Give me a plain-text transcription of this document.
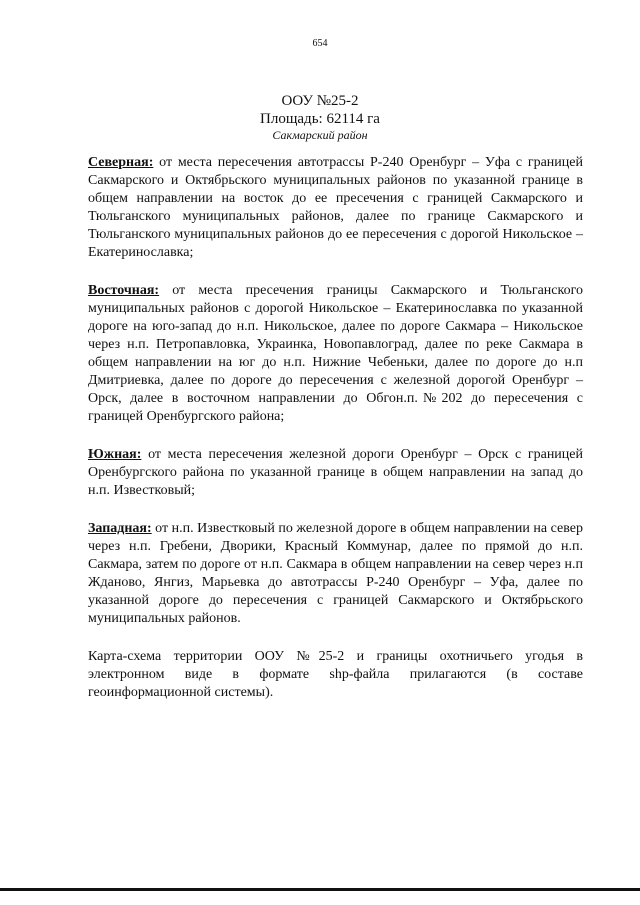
654
ООУ №25-2
Площадь: 62114 га
Сакмарский район

Северная: от места пересечения автотрассы Р-240 Оренбург – Уфа с границей Сакмарского и Октябрьского муниципальных районов по указанной границе в общем направлении на восток до ее пресечения с границей Сакмарского и Тюльганского муниципальных районов, далее по границе Сакмарского и Тюльганского муниципальных районов до ее пересечения с дорогой Никольское – Екатеринославка;

Восточная: от места пресечения границы Сакмарского и Тюльганского муниципальных районов с дорогой Никольское – Екатеринославка по указанной дороге на юго-запад до н.п. Никольское, далее по дороге Сакмара – Никольское через н.п. Петропавловка, Украинка, Новопавлоград, далее по реке Сакмара в общем направлении на юг до н.п. Нижние Чебеньки, далее по дороге до н.п Дмитриевка, далее по дороге до пересечения с железной дорогой Оренбург – Орск, далее в восточном направлении до Обгон.п.№202 до пересечения с границей Оренбургского района;

Южная: от места пересечения железной дороги Оренбург – Орск с границей Оренбургского района по указанной границе в общем направлении на запад до н.п. Известковый;

Западная: от н.п. Известковый по железной дороге в общем направлении на север через н.п. Гребени, Дворики, Красный Коммунар, далее по прямой до н.п. Сакмара, затем по дороге от н.п. Сакмара в общем направлении на север через н.п Жданово, Янгиз, Марьевка до автотрассы Р-240 Оренбург – Уфа, далее по указанной дороге до пересечения с границей Сакмарского и Октябрьского муниципальных районов.

Карта-схема территории ООУ №25-2 и границы охотничьего угодья в электронном виде в формате shp-файла прилагаются (в составе геоинформационной системы).
